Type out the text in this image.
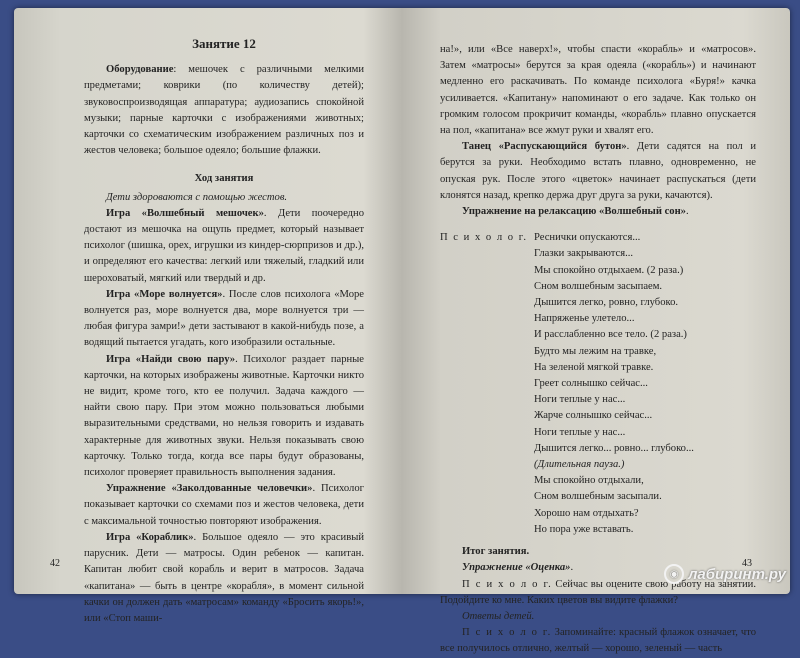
Занятие 12

Оборудование: мешочек с различными мелкими предметами; коврики (по количеству детей); звуковоспроизводящая аппаратура; аудиозапись спокойной музыки; парные карточки с изображениями животных; карточки со схематическим изображением различных поз и жестов человека; большое одеяло; большие флажки.

Ход занятия

Дети здороваются с помощью жестов.

Игра «Волшебный мешочек». Дети поочередно достают из мешочка на ощупь предмет, который называет психолог (шишка, орех, игрушки из киндер-сюрпризов и др.), и определяют его качества: легкий или тяжелый, гладкий или шероховатый, мягкий или твердый и др.

Игра «Море волнуется». После слов психолога «Море волнуется раз, море волнуется два, море волнуется три — любая фигура замри!» дети застывают в какой-нибудь позе, а водящий пытается угадать, кого изобразили остальные.

Игра «Найди свою пару». Психолог раздает парные карточки, на которых изображены животные. Карточки никто не видит, кроме того, кто ее получил. Задача каждого — найти свою пару. При этом можно пользоваться любыми выразительными средствами, но нельзя говорить и издавать характерные для животных звуки. Нельзя показывать свою карточку. Только тогда, когда все пары будут образованы, психолог проверяет правильность выполнения задания.

Упражнение «Заколдованные человечки». Психолог показывает карточки со схемами поз и жестов человека, дети с максимальной точностью повторяют изображения.

Игра «Кораблик». Большое одеяло — это красивый парусник. Дети — матросы. Один ребенок — капитан. Капитан любит свой корабль и верит в матросов. Задача «капитана» — быть в центре «корабля», в момент сильной качки он должен дать «матросам» команду «Бросить якорь!», или «Стоп маши-

42

на!», или «Все наверх!», чтобы спасти «корабль» и «матросов». Затем «матросы» берутся за края одеяла («корабль») и начинают медленно его раскачивать. По команде психолога «Буря!» качка усиливается. «Капитану» напоминают о его задаче. Как только он громким голосом прокричит команды, «корабль» плавно опускается на пол, «капитана» все жмут руки и хвалят его.

Танец «Распускающийся бутон». Дети садятся на пол и берутся за руки. Необходимо встать плавно, одновременно, не опуская рук. После этого «цветок» начинает распускаться (дети клонятся назад, крепко держа друг друга за руки, качаются).

Упражнение на релаксацию «Волшебный сон».

П с и х о л о г. Реснички опускаются...
Глазки закрываются...
Мы спокойно отдыхаем. (2 раза.)
Сном волшебным засыпаем.
Дышится легко, ровно, глубоко.
Напряженье улетело...
И расслабленно все тело. (2 раза.)
Будто мы лежим на травке,
На зеленой мягкой травке.
Греет солнышко сейчас...
Ноги теплые у нас...
Жарче солнышко сейчас...
Ноги теплые у нас...
Дышится легко... ровно... глубоко...
(Длительная пауза.)
Мы спокойно отдыхали,
Сном волшебным засыпали.
Хорошо нам отдыхать?
Но пора уже вставать.

Итог занятия.

Упражнение «Оценка».

П с и х о л о г. Сейчас вы оцените свою работу на занятии. Подойдите ко мне. Каких цветов вы видите флажки?

Ответы детей.

П с и х о л о г. Запоминайте: красный флажок означает, что все получилось отлично, желтый — хорошо, зеленый — часть

43
◉ лабиринт.ру
